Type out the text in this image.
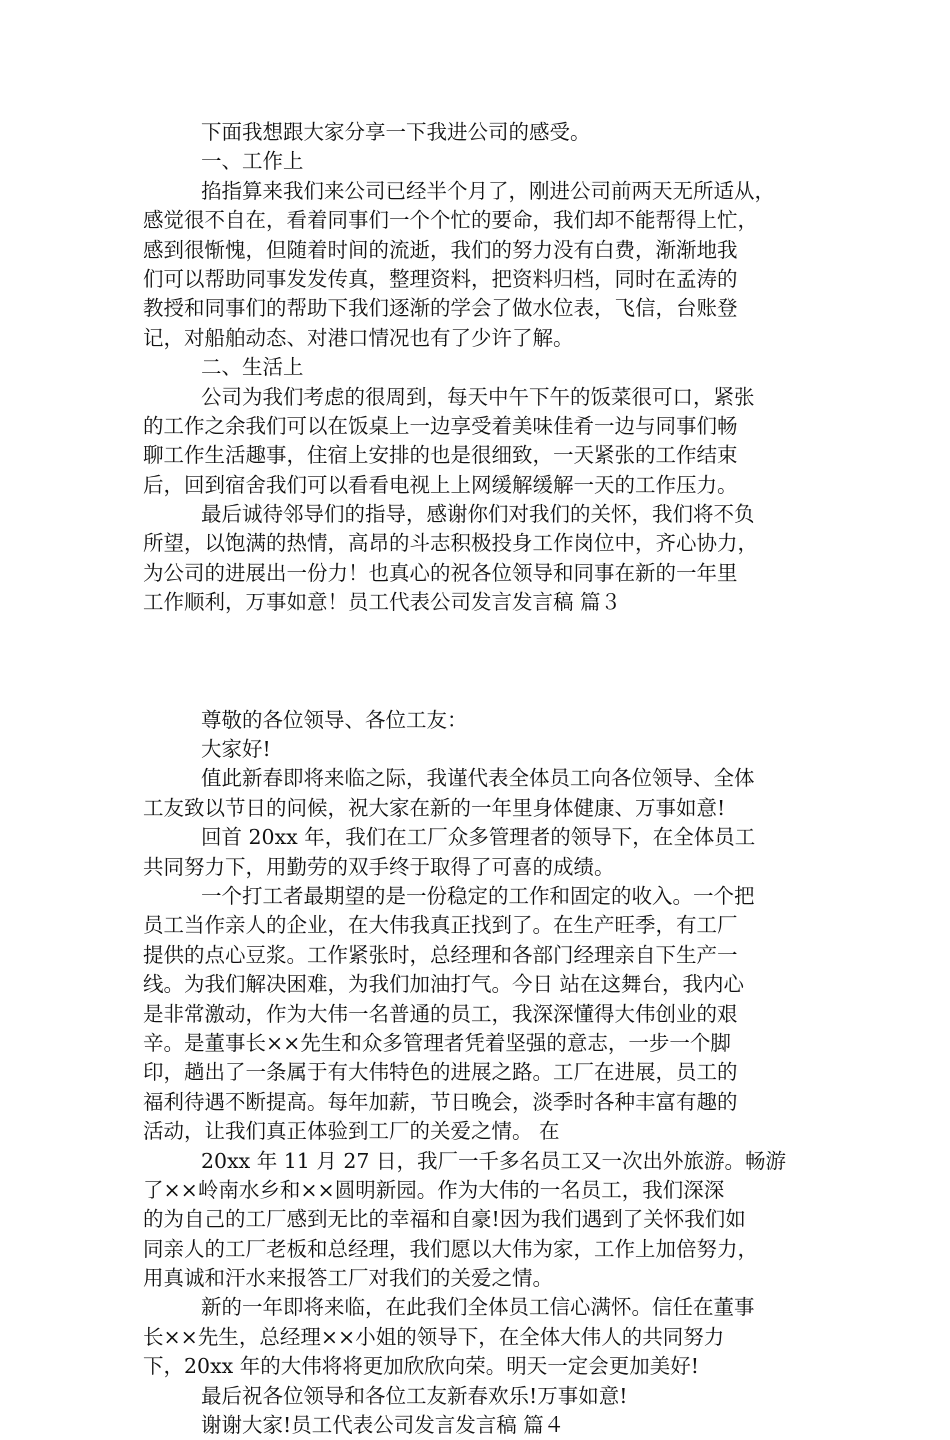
下面我想跟大家分享一下我进公司的感受。
一、工作上
掐指算来我们来公司已经半个月了，刚进公司前两天无所适从，
感觉很不自在，看着同事们一个个忙的要命，我们却不能帮得上忙，
感到很惭愧，但随着时间的流逝，我们的努力没有白费，渐渐地我
们可以帮助同事发发传真，整理资料，把资料归档，同时在孟涛的
教授和同事们的帮助下我们逐渐的学会了做水位表，飞信，台账登
记，对船舶动态、对港口情况也有了少许了解。
二、生活上
公司为我们考虑的很周到，每天中午下午的饭菜很可口，紧张
的工作之余我们可以在饭桌上一边享受着美味佳肴一边与同事们畅
聊工作生活趣事，住宿上安排的也是很细致，一天紧张的工作结束
后，回到宿舍我们可以看看电视上上网缓解缓解一天的工作压力。
最后诚待邻导们的指导，感谢你们对我们的关怀，我们将不负
所望，以饱满的热情，高昂的斗志积极投身工作岗位中，齐心协力，
为公司的进展出一份力！也真心的祝各位领导和同事在新的一年里
工作顺利，万事如意！员工代表公司发言发言稿 篇３
尊敬的各位领导、各位工友：
大家好!
值此新春即将来临之际，我谨代表全体员工向各位领导、全体
工友致以节日的问候，祝大家在新的一年里身体健康、万事如意!
回首 20xx 年，我们在工厂众多管理者的领导下，在全体员工
共同努力下，用勤劳的双手终于取得了可喜的成绩。
一个打工者最期望的是一份稳定的工作和固定的收入。一个把
员工当作亲人的企业，在大伟我真正找到了。在生产旺季，有工厂
提供的点心豆浆。工作紧张时，总经理和各部门经理亲自下生产一
线。为我们解决困难，为我们加油打气。今日 站在这舞台，我内心
是非常激动，作为大伟一名普通的员工，我深深懂得大伟创业的艰
辛。是董事长××先生和众多管理者凭着坚强的意志，一步一个脚
印，趟出了一条属于有大伟特色的进展之路。工厂在进展，员工的
福利待遇不断提高。每年加薪，节日晚会，淡季时各种丰富有趣的
活动，让我们真正体验到工厂的关爱之情。 在
20xx 年 11 月 27 日，我厂一千多名员工又一次出外旅游。畅游
了××岭南水乡和××圆明新园。作为大伟的一名员工，我们深深
的为自己的工厂感到无比的幸福和自豪!因为我们遇到了关怀我们如
同亲人的工厂老板和总经理，我们愿以大伟为家，工作上加倍努力，
用真诚和汗水来报答工厂对我们的关爱之情。
新的一年即将来临，在此我们全体员工信心满怀。信任在董事
长××先生，总经理××小姐的领导下，在全体大伟人的共同努力
下，20xx 年的大伟将将更加欣欣向荣。明天一定会更加美好!
最后祝各位领导和各位工友新春欢乐!万事如意!
谢谢大家!员工代表公司发言发言稿 篇４
